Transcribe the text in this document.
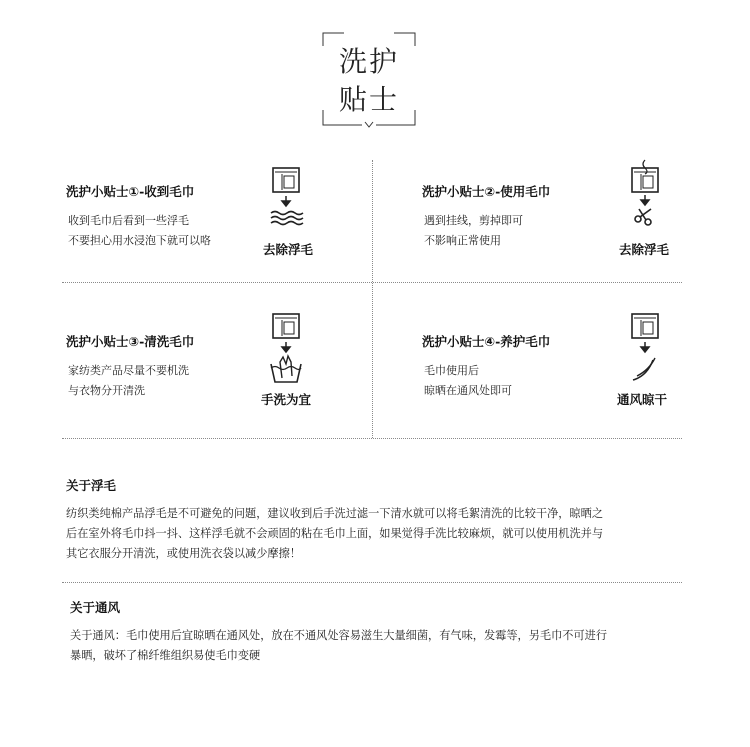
洗护
贴士
洗护小贴士①-收到毛巾
收到毛巾后看到一些浮毛
不要担心用水浸泡下就可以咯
去除浮毛
洗护小贴士②-使用毛巾
遇到挂线，剪掉即可
不影响正常使用
去除浮毛
洗护小贴士③-清洗毛巾
家纺类产品尽量不要机洗
与衣物分开清洗
手洗为宜
洗护小贴士④-养护毛巾
毛巾使用后
晾晒在通风处即可
通风晾干
关于浮毛
纺织类纯棉产品浮毛是不可避免的问题，建议收到后手洗过滤一下清水就可以将毛絮清洗的比较干净，晾晒之
后在室外将毛巾抖一抖、这样浮毛就不会顽固的粘在毛巾上面，如果觉得手洗比较麻烦，就可以使用机洗并与
其它衣服分开清洗，或使用洗衣袋以减少摩擦！
关于通风
关于通风：毛巾使用后宜晾晒在通风处，放在不通风处容易滋生大量细菌，有气味，发霉等，另毛巾不可进行
暴晒，破坏了棉纤维组织易使毛巾变硬
